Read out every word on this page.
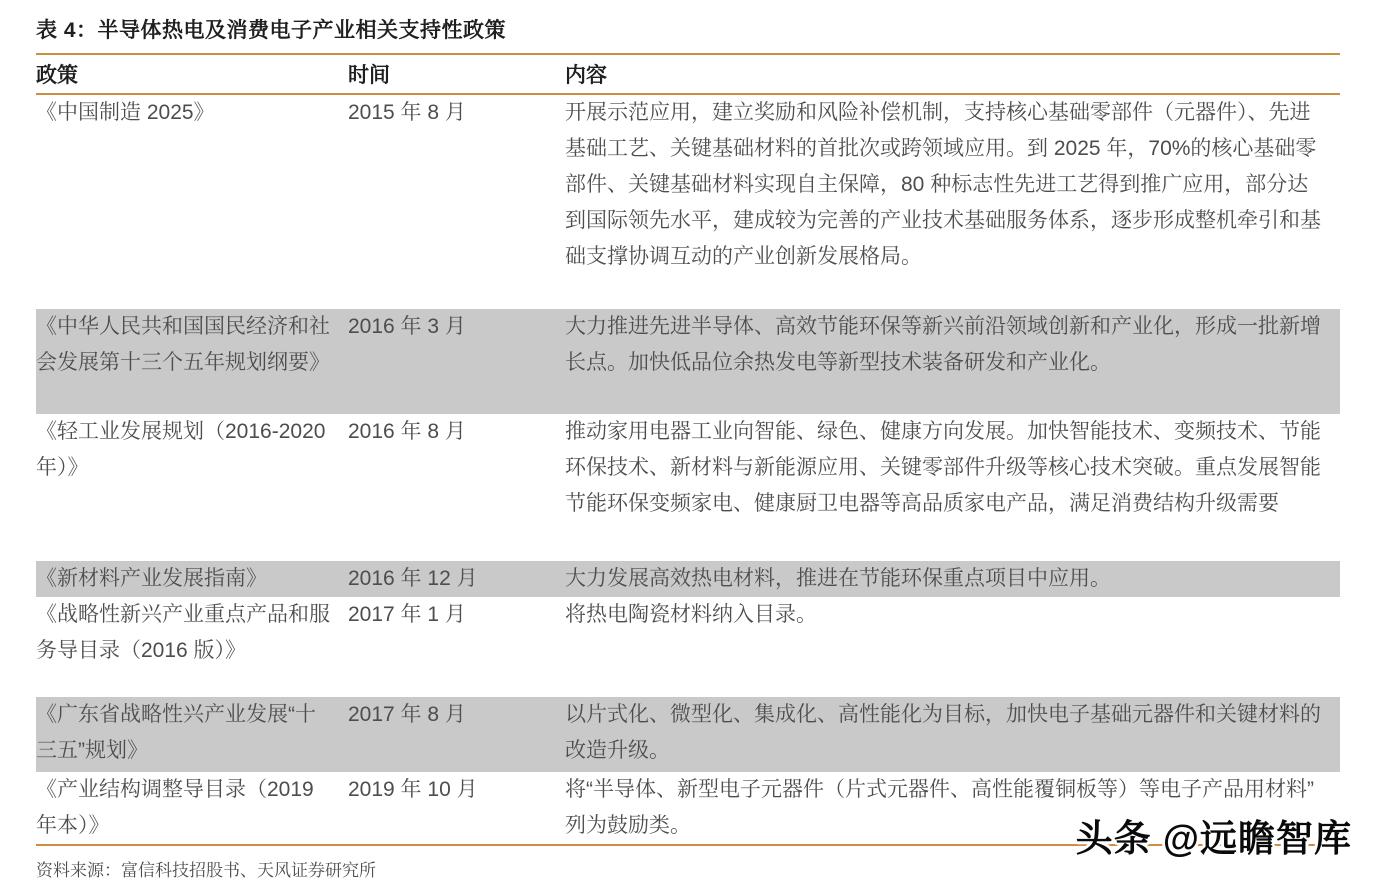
表 4：半导体热电及消费电子产业相关支持性政策
政策	时间	内容
《中国制造 2025》	2015 年 8 月	开展示范应用，建立奖励和风险补偿机制，支持核心基础零部件（元器件）、先进基础工艺、关键基础材料的首批次或跨领域应用。到 2025 年，70%的核心基础零部件、关键基础材料实现自主保障，80 种标志性先进工艺得到推广应用，部分达到国际领先水平，建成较为完善的产业技术基础服务体系，逐步形成整机牵引和基础支撑协调互动的产业创新发展格局。
《中华人民共和国国民经济和社会发展第十三个五年规划纲要》	2016 年 3 月	大力推进先进半导体、高效节能环保等新兴前沿领域创新和产业化，形成一批新增长点。加快低品位余热发电等新型技术装备研发和产业化。
《轻工业发展规划（2016-2020 年）》	2016 年 8 月	推动家用电器工业向智能、绿色、健康方向发展。加快智能技术、变频技术、节能环保技术、新材料与新能源应用、关键零部件升级等核心技术突破。重点发展智能节能环保变频家电、健康厨卫电器等高品质家电产品，满足消费结构升级需要
《新材料产业发展指南》	2016 年 12 月	大力发展高效热电材料，推进在节能环保重点项目中应用。
《战略性新兴产业重点产品和服务导目录（2016 版）》	2017 年 1 月	将热电陶瓷材料纳入目录。
《广东省战略性兴产业发展“十三五”规划》	2017 年 8 月	以片式化、微型化、集成化、高性能化为目标，加快电子基础元器件和关键材料的改造升级。
《产业结构调整导目录（2019 年本）》	2019 年 10 月	将“半导体、新型电子元器件（片式元器件、高性能覆铜板等）等电子产品用材料”列为鼓励类。
资料来源：富信科技招股书、天风证券研究所
头条 @远瞻智库
